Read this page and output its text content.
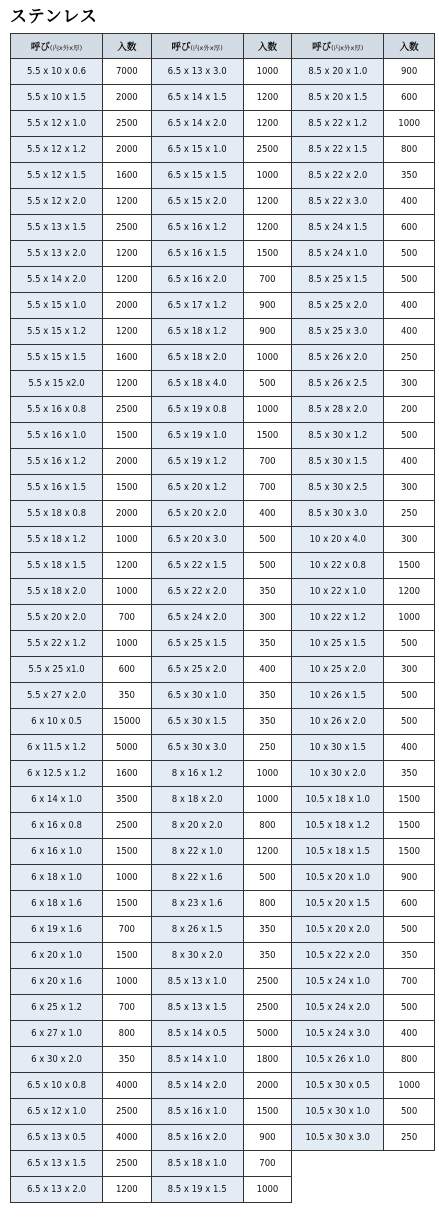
ステンレス
呼び(内x外x厚)	入数	呼び(内x外x厚)	入数	呼び(内x外x厚)	入数
5.5 x 10 x 0.6	7000	6.5 x 13 x 3.0	1000	8.5 x 20 x 1.0	900
5.5 x 10 x 1.5	2000	6.5 x 14 x 1.5	1200	8.5 x 20 x 1.5	600
5.5 x 12 x 1.0	2500	6.5 x 14 x 2.0	1200	8.5 x 22 x 1.2	1000
5.5 x 12 x 1.2	2000	6.5 x 15 x 1.0	2500	8.5 x 22 x 1.5	800
5.5 x 12 x 1.5	1600	6.5 x 15 x 1.5	1000	8.5 x 22 x 2.0	350
5.5 x 12 x 2.0	1200	6.5 x 15 x 2.0	1200	8.5 x 22 x 3.0	400
5.5 x 13 x 1.5	2500	6.5 x 16 x 1.2	1200	8.5 x 24 x 1.5	600
5.5 x 13 x 2.0	1200	6.5 x 16 x 1.5	1500	8.5 x 24 x 1.0	500
5.5 x 14 x 2.0	1200	6.5 x 16 x 2.0	700	8.5 x 25 x 1.5	500
5.5 x 15 x 1.0	2000	6.5 x 17 x 1.2	900	8.5 x 25 x 2.0	400
5.5 x 15 x 1.2	1200	6.5 x 18 x 1.2	900	8.5 x 25 x 3.0	400
5.5 x 15 x 1.5	1600	6.5 x 18 x 2.0	1000	8.5 x 26 x 2.0	250
5.5 x 15 x2.0	1200	6.5 x 18 x 4.0	500	8.5 x 26 x 2.5	300
5.5 x 16 x 0.8	2500	6.5 x 19 x 0.8	1000	8.5 x 28 x 2.0	200
5.5 x 16 x 1.0	1500	6.5 x 19 x 1.0	1500	8.5 x 30 x 1.2	500
5.5 x 16 x 1.2	2000	6.5 x 19 x 1.2	700	8.5 x 30 x 1.5	400
5.5 x 16 x 1.5	1500	6.5 x 20 x 1.2	700	8.5 x 30 x 2.5	300
5.5 x 18 x 0.8	2000	6.5 x 20 x 2.0	400	8.5 x 30 x 3.0	250
5.5 x 18 x 1.2	1000	6.5 x 20 x 3.0	500	10 x 20 x 4.0	300
5.5 x 18 x 1.5	1200	6.5 x 22 x 1.5	500	10 x 22 x 0.8	1500
5.5 x 18 x 2.0	1000	6.5 x 22 x 2.0	350	10 x 22 x 1.0	1200
5.5 x 20 x 2.0	700	6.5 x 24 x 2.0	300	10 x 22 x 1.2	1000
5.5 x 22 x 1.2	1000	6.5 x 25 x 1.5	350	10 x 25 x 1.5	500
5.5 x 25 x1.0	600	6.5 x 25 x 2.0	400	10 x 25 x 2.0	300
5.5 x 27 x 2.0	350	6.5 x 30 x 1.0	350	10 x 26 x 1.5	500
6 x 10 x 0.5	15000	6.5 x 30 x 1.5	350	10 x 26 x 2.0	500
6 x 11.5 x 1.2	5000	6.5 x 30 x 3.0	250	10 x 30 x 1.5	400
6 x 12.5 x 1.2	1600	8 x 16 x 1.2	1000	10 x 30 x 2.0	350
6 x 14 x 1.0	3500	8 x 18 x 2.0	1000	10.5 x 18 x 1.0	1500
6 x 16 x 0.8	2500	8 x 20 x 2.0	800	10.5 x 18 x 1.2	1500
6 x 16 x 1.0	1500	8 x 22 x 1.0	1200	10.5 x 18 x 1.5	1500
6 x 18 x 1.0	1000	8 x 22 x 1.6	500	10.5 x 20 x 1.0	900
6 x 18 x 1.6	1500	8 x 23 x 1.6	800	10.5 x 20 x 1.5	600
6 x 19 x 1.6	700	8 x 26 x 1.5	350	10.5 x 20 x 2.0	500
6 x 20 x 1.0	1500	8 x 30 x 2.0	350	10.5 x 22 x 2.0	350
6 x 20 x 1.6	1000	8.5 x 13 x 1.0	2500	10.5 x 24 x 1.0	700
6 x 25 x 1.2	700	8.5 x 13 x 1.5	2500	10.5 x 24 x 2.0	500
6 x 27 x 1.0	800	8.5 x 14 x 0.5	5000	10.5 x 24 x 3.0	400
6 x 30 x 2.0	350	8.5 x 14 x 1.0	1800	10.5 x 26 x 1.0	800
6.5 x 10 x 0.8	4000	8.5 x 14 x 2.0	2000	10.5 x 30 x 0.5	1000
6.5 x 12 x 1.0	2500	8.5 x 16 x 1.0	1500	10.5 x 30 x 1.0	500
6.5 x 13 x 0.5	4000	8.5 x 16 x 2.0	900	10.5 x 30 x 3.0	250
6.5 x 13 x 1.5	2500	8.5 x 18 x 1.0	700		
6.5 x 13 x 2.0	1200	8.5 x 19 x 1.5	1000		
